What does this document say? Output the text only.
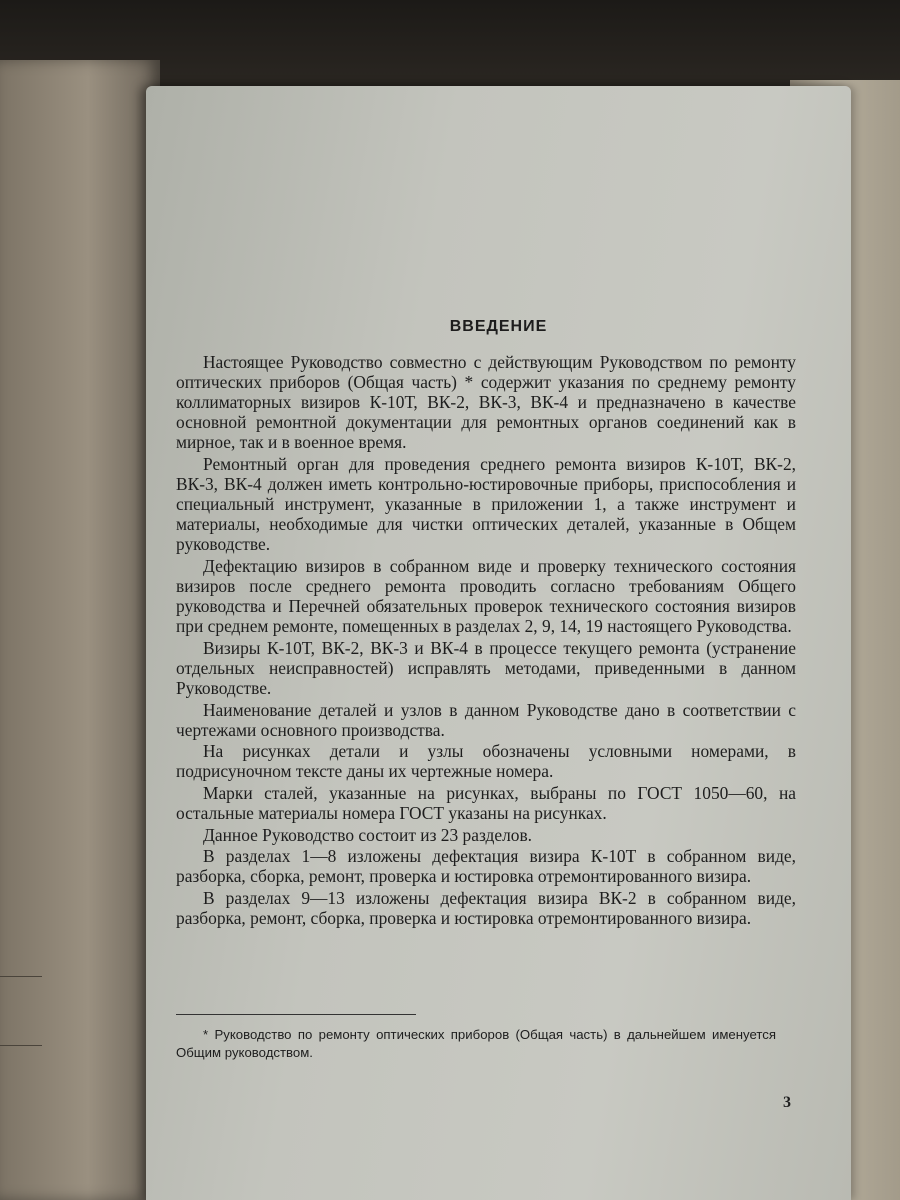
ВВЕДЕНИЕ

Настоящее Руководство совместно с действующим Руководством по ремонту оптических приборов (Общая часть) * содержит указания по среднему ремонту коллиматорных визиров К-10Т, ВК-2, ВК-3, ВК-4 и предназначено в качестве основной ремонтной документации для ремонтных органов соединений как в мирное, так и в военное время.

Ремонтный орган для проведения среднего ремонта визиров К-10Т, ВК-2, ВК-3, ВК-4 должен иметь контрольно-юстировочные приборы, приспособления и специальный инструмент, указанные в приложении 1, а также инструмент и материалы, необходимые для чистки оптических деталей, указанные в Общем руководстве.

Дефектацию визиров в собранном виде и проверку технического состояния визиров после среднего ремонта проводить согласно требованиям Общего руководства и Перечней обязательных проверок технического состояния визиров при среднем ремонте, помещенных в разделах 2, 9, 14, 19 настоящего Руководства.

Визиры К-10Т, ВК-2, ВК-3 и ВК-4 в процессе текущего ремонта (устранение отдельных неисправностей) исправлять методами, приведенными в данном Руководстве.

Наименование деталей и узлов в данном Руководстве дано в соответствии с чертежами основного производства.

На рисунках детали и узлы обозначены условными номерами, в подрисуночном тексте даны их чертежные номера.

Марки сталей, указанные на рисунках, выбраны по ГОСТ 1050—60, на остальные материалы номера ГОСТ указаны на рисунках.

Данное Руководство состоит из 23 разделов.

В разделах 1—8 изложены дефектация визира К-10Т в собранном виде, разборка, сборка, ремонт, проверка и юстировка отремонтированного визира.

В разделах 9—13 изложены дефектация визира ВК-2 в собранном виде, разборка, ремонт, сборка, проверка и юстировка отремонтированного визира.

* Руководство по ремонту оптических приборов (Общая часть) в дальнейшем именуется Общим руководством.
3
